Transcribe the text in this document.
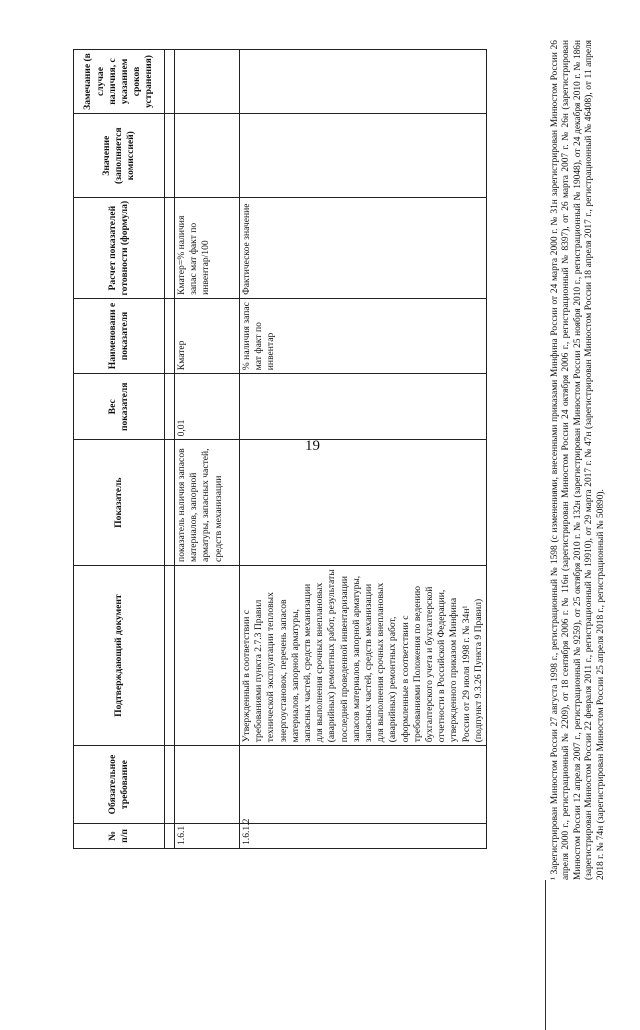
19
№ п/п	Обязательное требование	Подтверждающий документ	Показатель	Вес показателя	Наименовани е показателя	Расчет показателей готовности (формула)	Значение (заполняется комиссией)	Замечание (в случае наличия, с указанием сроков устранения)

1.6.1			показатель наличия запасов материалов, запорной арматуры, запасных частей, средств механизации	0,01	Кматер	Кматер=% наличия запас мат факт по инвентар/100		
1.6.1.2		Утвержденный в соответствии с требованиями пункта 2.7.3 Правил технической эксплуатации тепловых энергоустановок, перечень запасов материалов, запорной арматуры, запасных частей, средств механизации для выполнения срочных внеплановых (аварийных) ремонтных работ, результаты последней проведенной инвентаризации запасов материалов, запорной арматуры, запасных частей, средств механизации для выполнения срочных внеплановых (аварийных) ремонтных работ, оформленные в соответствии с требованиями Положения по ведению бухгалтерского учета и бухгалтерской отчетности в Российской Федерации, утвержденного приказом Минфина России от 29 июля 1998 г. № 34н¹ (подпункт 9.3.26 Пункта 9 Правил)			% наличия запас мат факт по инвентар	Фактическое значение			¹ Зарегистрирован Минюстом России 27 августа 1998 г., регистрационный № 1598 (с изменениями, внесенными приказами Минфина России от 24 марта 2000 г. № 31н зарегистрирован Минюстом России 26 апреля 2000 г., регистрационный № 2209), от 18 сентября 2006 г. № 116н (зарегистрирован Минюстом России 24 октября 2006 г., регистрационный № 8397), от 26 марта 2007 г. № 26н (зарегистрирован Минюстом России 12 апреля 2007 г., регистрационный № 9259), от 25 октября 2010 г. № 132н (зарегистрирован Минюстом России 25 ноября 2010 г., регистрационный № 19048), от 24 декабря 2010 г. № 186н (зарегистрирован Минюстом России 22 февраля 2011 г., регистрационный № 19910), от 29 марта 2017 г. № 47н (зарегистрирован Минюстом России 18 апреля 2017 г., регистрационный № 46408), от 11 апреля 2018 г. № 74н (зарегистрирован Минюстом России 25 апреля 2018 г., регистрационный № 50890).
